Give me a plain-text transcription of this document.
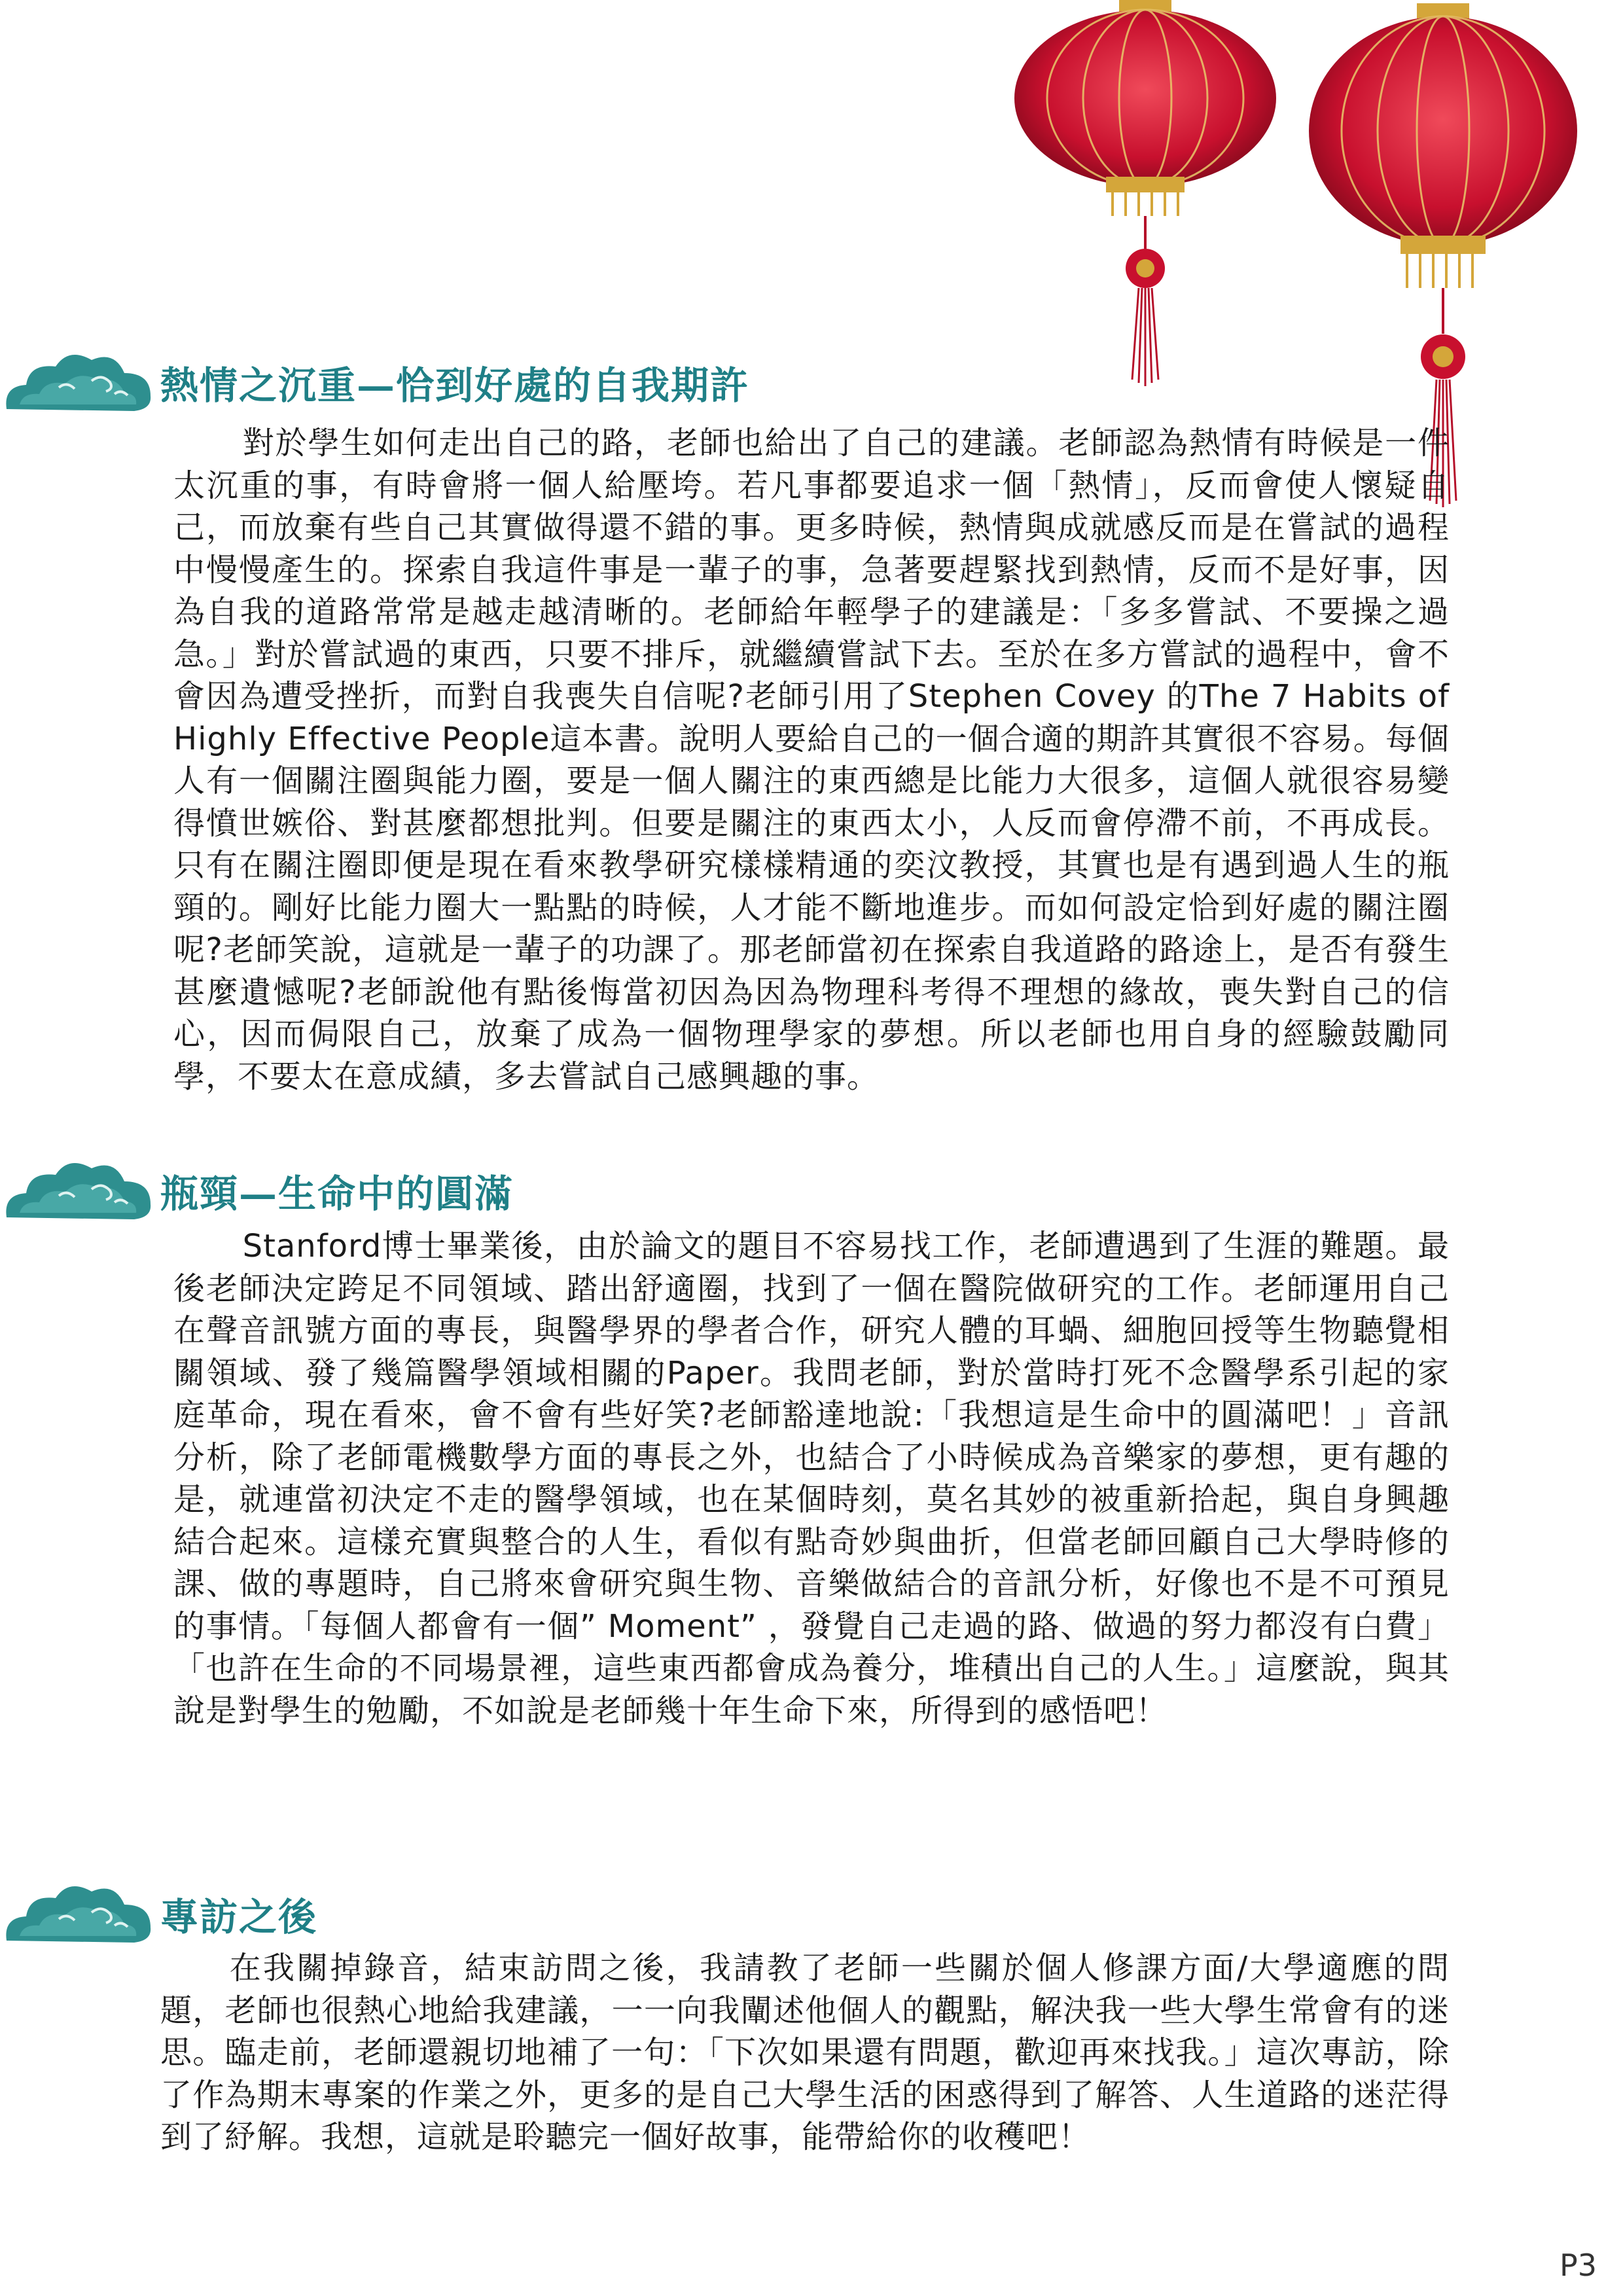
熱情之沉重—恰到好處的自我期許
對於學生如何走出自己的路，老師也給出了自己的建議。老師認為熱情有時候是一件太沉重的事，有時會將一個人給壓垮。若凡事都要追求一個「熱情」，反而會使人懷疑自己，而放棄有些自己其實做得還不錯的事。更多時候，熱情與成就感反而是在嘗試的過程中慢慢產生的。探索自我這件事是一輩子的事，急著要趕緊找到熱情，反而不是好事，因為自我的道路常常是越走越清晰的。老師給年輕學子的建議是：「多多嘗試、不要操之過急。」對於嘗試過的東西，只要不排斥，就繼續嘗試下去。至於在多方嘗試的過程中，會不會因為遭受挫折，而對自我喪失自信呢?老師引用了Stephen Covey 的The 7 Habits of Highly Effective People這本書。說明人要給自己的一個合適的期許其實很不容易。每個人有一個關注圈與能力圈，要是一個人關注的東西總是比能力大很多，這個人就很容易變得憤世嫉俗、對甚麼都想批判。但要是關注的東西太小，人反而會停滯不前，不再成長。只有在關注圈即便是現在看來教學研究樣樣精通的奕汶教授，其實也是有遇到過人生的瓶頸的。剛好比能力圈大一點點的時候，人才能不斷地進步。而如何設定恰到好處的關注圈呢?老師笑說，這就是一輩子的功課了。那老師當初在探索自我道路的路途上，是否有發生甚麼遺憾呢?老師說他有點後悔當初因為因為物理科考得不理想的緣故，喪失對自己的信心，因而侷限自己，放棄了成為一個物理學家的夢想。所以老師也用自身的經驗鼓勵同學，不要太在意成績，多去嘗試自己感興趣的事。
瓶頸—生命中的圓滿
Stanford博士畢業後，由於論文的題目不容易找工作，老師遭遇到了生涯的難題。最後老師決定跨足不同領域、踏出舒適圈，找到了一個在醫院做研究的工作。老師運用自己在聲音訊號方面的專長，與醫學界的學者合作，研究人體的耳蝸、細胞回授等生物聽覺相關領域、發了幾篇醫學領域相關的Paper。我問老師，對於當時打死不念醫學系引起的家庭革命，現在看來，會不會有些好笑?老師豁達地說:「我想這是生命中的圓滿吧！」音訊分析，除了老師電機數學方面的專長之外，也結合了小時候成為音樂家的夢想，更有趣的是，就連當初決定不走的醫學領域，也在某個時刻，莫名其妙的被重新拾起，與自身興趣結合起來。這樣充實與整合的人生，看似有點奇妙與曲折，但當老師回顧自己大學時修的課、做的專題時，自己將來會研究與生物、音樂做結合的音訊分析，好像也不是不可預見的事情。「每個人都會有一個” Moment” ，發覺自己走過的路、做過的努力都沒有白費」「也許在生命的不同場景裡，這些東西都會成為養分，堆積出自己的人生。」這麼說，與其說是對學生的勉勵，不如說是老師幾十年生命下來，所得到的感悟吧！
專訪之後
在我關掉錄音，結束訪問之後，我請教了老師一些關於個人修課方面/大學適應的問題，老師也很熱心地給我建議，一一向我闡述他個人的觀點，解決我一些大學生常會有的迷思。臨走前，老師還親切地補了一句：「下次如果還有問題，歡迎再來找我。」這次專訪，除了作為期末專案的作業之外，更多的是自己大學生活的困惑得到了解答、人生道路的迷茫得到了紓解。我想，這就是聆聽完一個好故事，能帶給你的收穫吧！
P3
